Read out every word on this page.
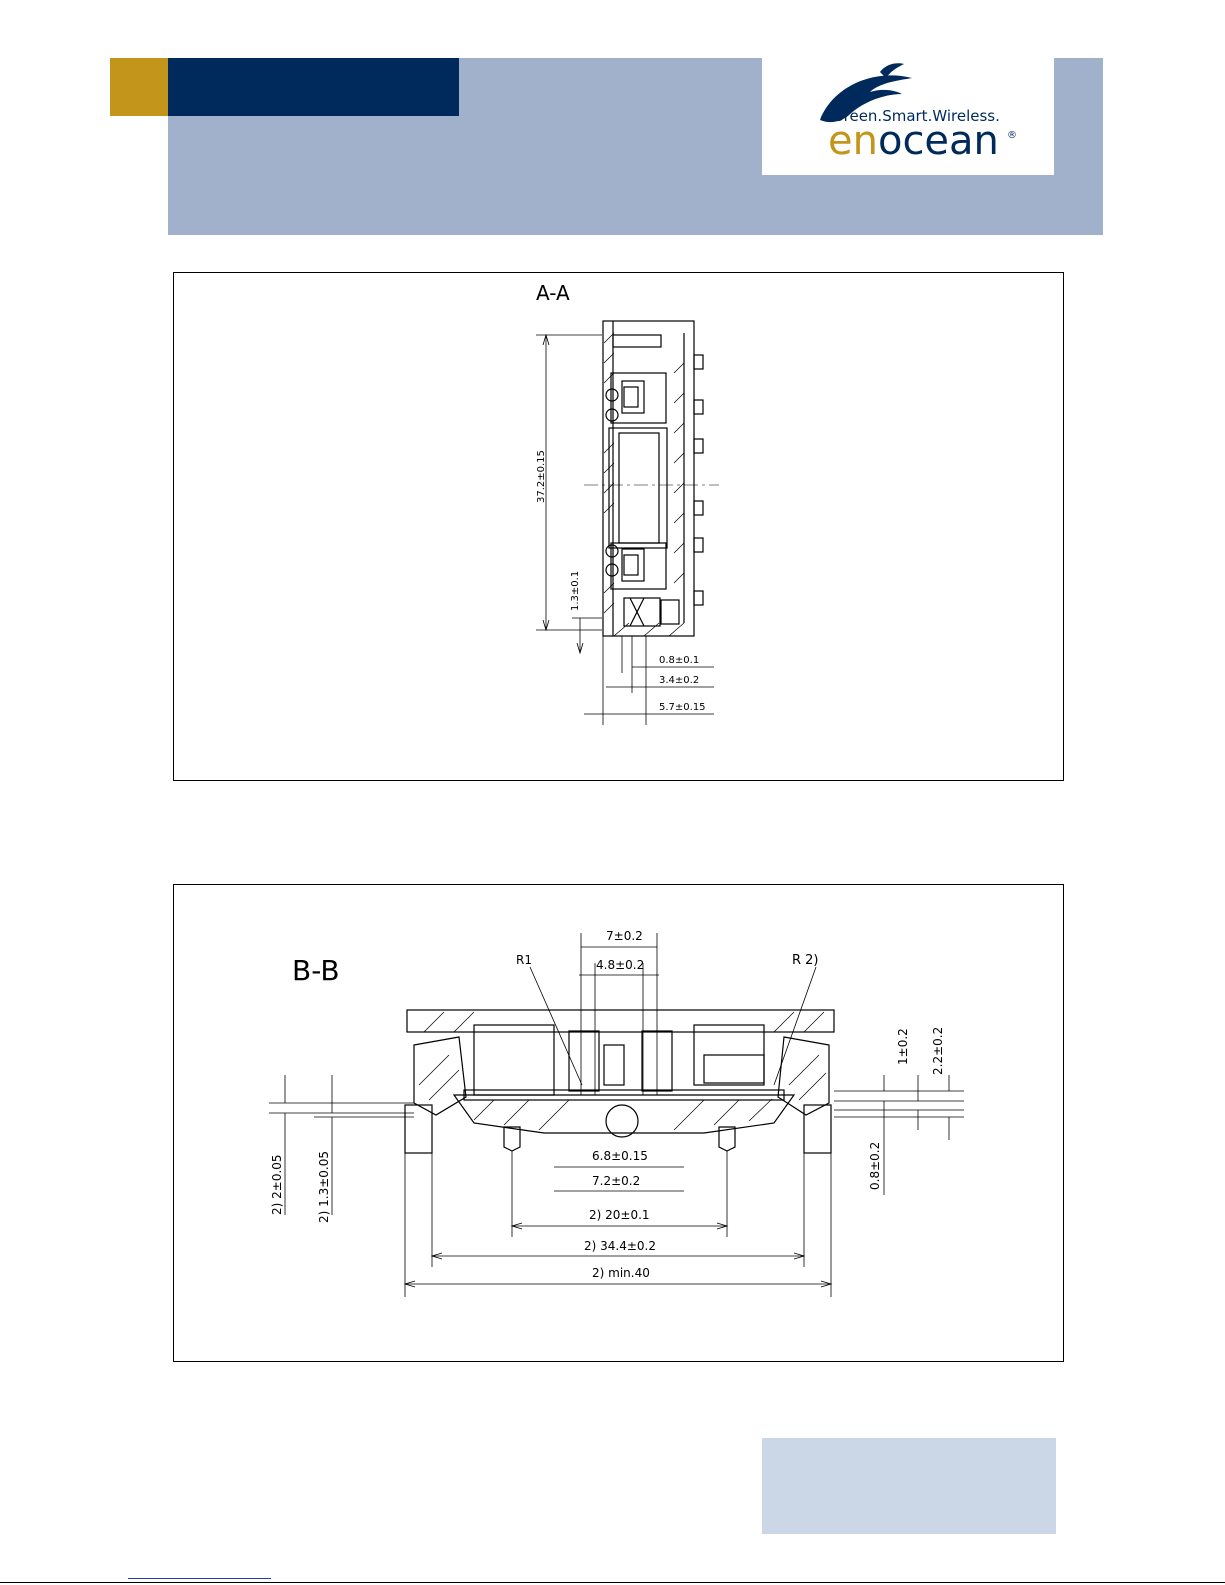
Green.Smart.Wireless.
enocean ®
A-A
37.2±0.15
1.3±0.1
0.8±0.1
3.4±0.2
5.7±0.15
B-B
7±0.2
4.8±0.2
R1	R 2)
6.8±0.15
7.2±0.2
2) 20±0.1
2) 34.4±0.2
2) min.40
2) 2±0.05	2) 1.3±0.05
1±0.2 2.2±0.2
0.8±0.2
